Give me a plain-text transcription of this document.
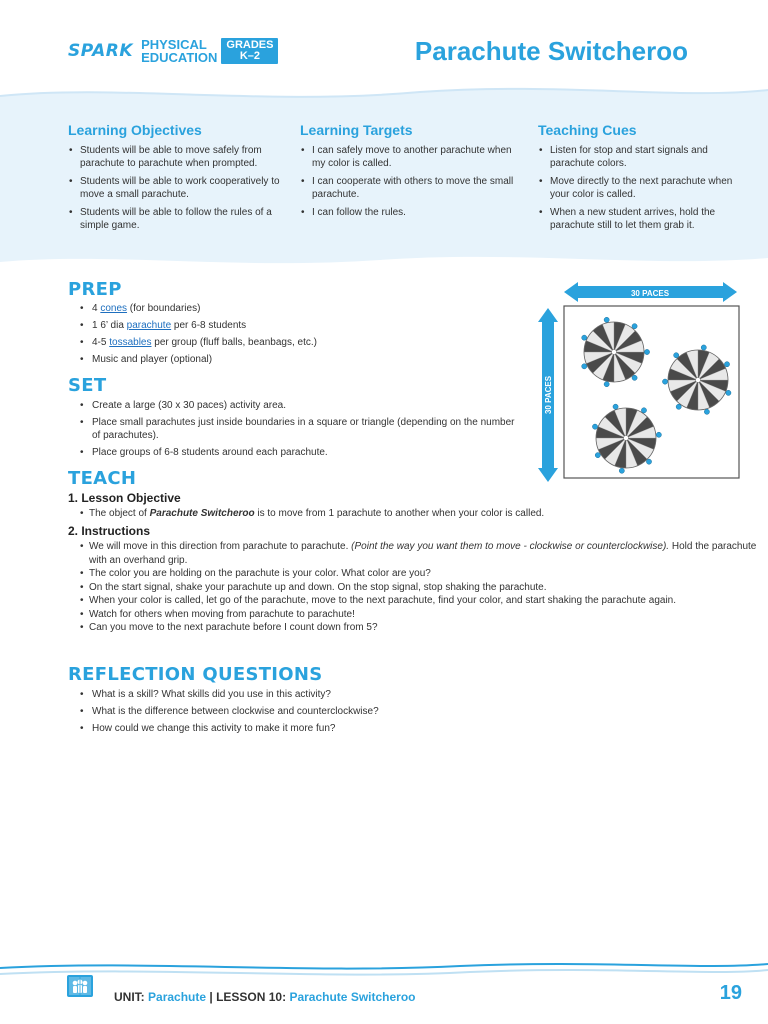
SPARK PHYSICAL
EDUCATION
GRADES
K–2	Parachute Switcheroo
Learning Objectives
• Students will be able to move safely from parachute to parachute when prompted.
• Students will be able to work cooperatively to move a small parachute.
• Students will be able to follow the rules of a simple game.
Learning Targets
• I can safely move to another parachute when my color is called.
• I can cooperate with others to move the small parachute.
• I can follow the rules.
Teaching Cues
• Listen for stop and start signals and parachute colors.
• Move directly to the next parachute when your color is called.
• When a new student arrives, hold the parachute still to let them grab it.
PREP
• 4 cones (for boundaries)
• 1 6’ dia parachute per 6-8 students
• 4-5 tossables per group (fluff balls, beanbags, etc.)
• Music and player (optional)
SET
• Create a large (30 x 30 paces) activity area.
• Place small parachutes just inside boundaries in a square or triangle (depending on the number of parachutes).
• Place groups of 6-8 students around each parachute.
TEACH
1. Lesson Objective
• The object of Parachute Switcheroo is to move from 1 parachute to another when your color is called.
2. Instructions
• We will move in this direction from parachute to parachute. (Point the way you want them to move - clockwise or counterclockwise). Hold the parachute with an overhand grip.
• The color you are holding on the parachute is your color. What color are you?
• On the start signal, shake your parachute up and down. On the stop signal, stop shaking the parachute.
• When your color is called, let go of the parachute, move to the next parachute, find your color, and start shaking the parachute again.
• Watch for others when moving from parachute to parachute!
• Can you move to the next parachute before I count down from 5?
REFLECTION QUESTIONS
• What is a skill? What skills did you use in this activity?
• What is the difference between clockwise and counterclockwise?
• How could we change this activity to make it more fun?
30 PACES
30 PACES
UNIT: Parachute | LESSON 10: Parachute Switcheroo	19
